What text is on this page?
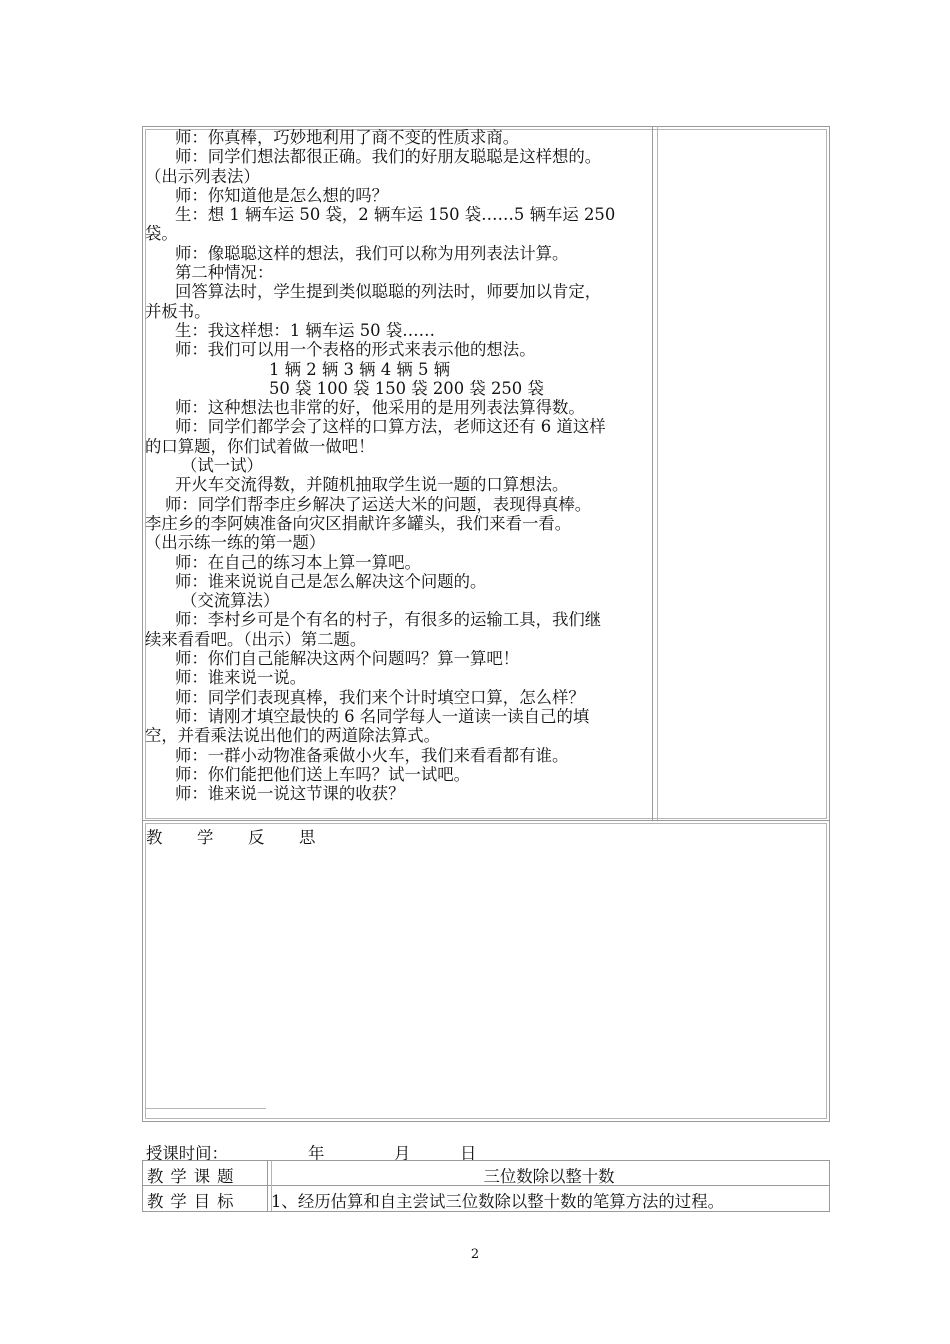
师：你真棒，巧妙地利用了商不变的性质求商。
师：同学们想法都很正确。我们的好朋友聪聪是这样想的。
（出示列表法）
师：你知道他是怎么想的吗？
生：想 1 辆车运 50 袋，2 辆车运 150 袋……5 辆车运 250
袋。
师：像聪聪这样的想法，我们可以称为用列表法计算。
第二种情况：
回答算法时，学生提到类似聪聪的列法时，师要加以肯定，
并板书。
生：我这样想：1 辆车运 50 袋……
师：我们可以用一个表格的形式来表示他的想法。
1 辆 2 辆 3 辆 4 辆 5 辆
50 袋 100 袋 150 袋 200 袋 250 袋
师：这种想法也非常的好，他采用的是用列表法算得数。
师：同学们都学会了这样的口算方法，老师这还有 6 道这样
的口算题，你们试着做一做吧！
（试一试）
开火车交流得数，并随机抽取学生说一题的口算想法。
师：同学们帮李庄乡解决了运送大米的问题，表现得真棒。
李庄乡的李阿姨准备向灾区捐献许多罐头，我们来看一看。
（出示练一练的第一题）
师：在自己的练习本上算一算吧。
师：谁来说说自己是怎么解决这个问题的。
（交流算法）
师：李村乡可是个有名的村子，有很多的运输工具，我们继
续来看看吧。（出示）第二题。
师：你们自己能解决这两个问题吗？算一算吧！
师：谁来说一说。
师：同学们表现真棒，我们来个计时填空口算，怎么样？
师：请刚才填空最快的 6 名同学每人一道读一读自己的填
空，并看乘法说出他们的两道除法算式。
师：一群小动物准备乘做小火车，我们来看看都有谁。
师：你们能把他们送上车吗？试一试吧。
师：谁来说一说这节课的收获？
教 学 反 思
授课时间：	年	月	日
教学课题	三位数除以整十数
教学目标	1、经历估算和自主尝试三位数除以整十数的笔算方法的过程。
2
